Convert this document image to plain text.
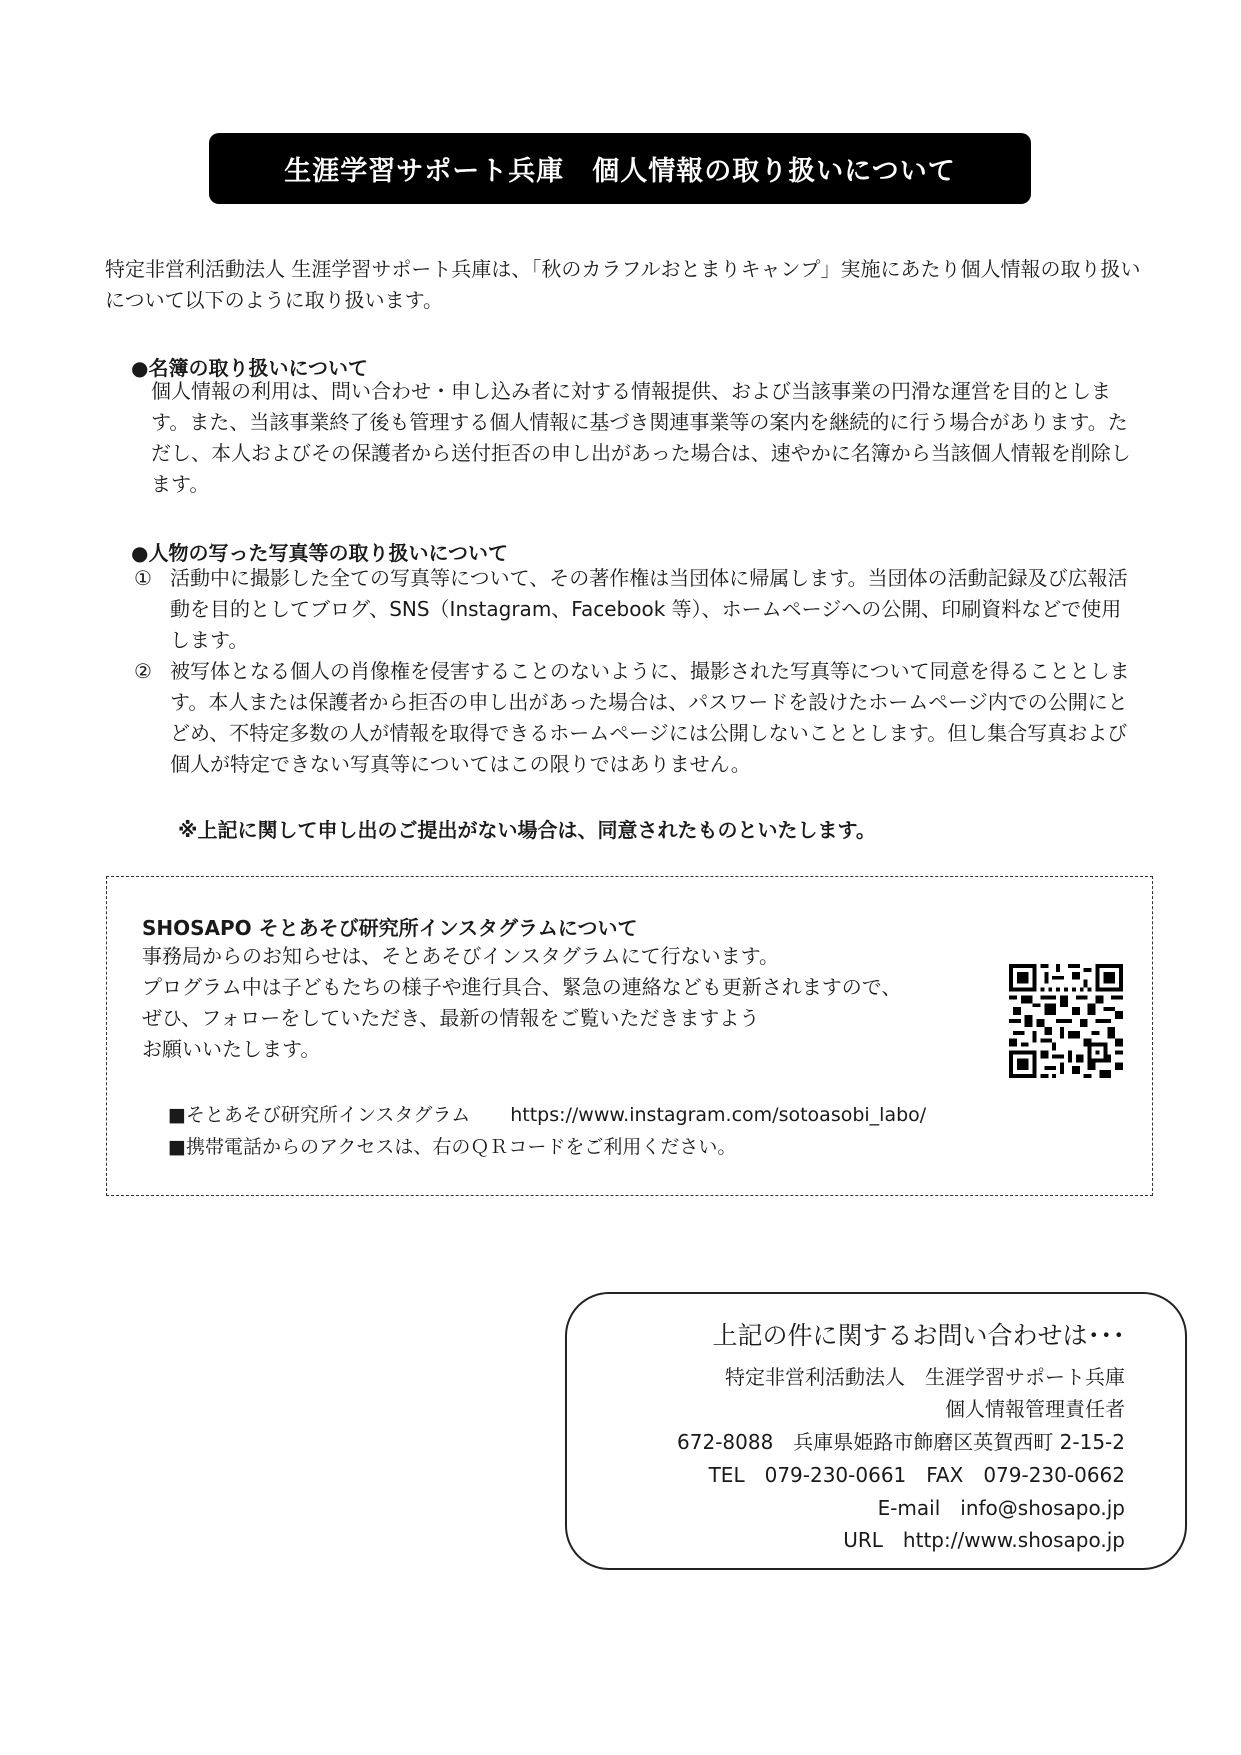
生涯学習サポート兵庫　個人情報の取り扱いについて

特定非営利活動法人 生涯学習サポート兵庫は、「秋のカラフルおとまりキャンプ」実施にあたり個人情報の取り扱いについて以下のように取り扱います。

●名簿の取り扱いについて

個人情報の利用は、問い合わせ・申し込み者に対する情報提供、および当該事業の円滑な運営を目的とします。また、当該事業終了後も管理する個人情報に基づき関連事業等の案内を継続的に行う場合があります。ただし、本人およびその保護者から送付拒否の申し出があった場合は、速やかに名簿から当該個人情報を削除します。

●人物の写った写真等の取り扱いについて

① 活動中に撮影した全ての写真等について、その著作権は当団体に帰属します。当団体の活動記録及び広報活動を目的としてブログ、SNS（Instagram、Facebook 等）、ホームページへの公開、印刷資料などで使用します。
② 被写体となる個人の肖像権を侵害することのないように、撮影された写真等について同意を得ることとします。本人または保護者から拒否の申し出があった場合は、パスワードを設けたホームページ内での公開にとどめ、不特定多数の人が情報を取得できるホームページには公開しないこととします。但し集合写真および個人が特定できない写真等についてはこの限りではありません。

※上記に関して申し出のご提出がない場合は、同意されたものといたします。

SHOSAPO そとあそび研究所インスタグラムについて

事務局からのお知らせは、そとあそびインスタグラムにて行ないます。

プログラム中は子どもたちの様子や進行具合、緊急の連絡なども更新されますので、

ぜひ、フォローをしていただき、最新の情報をご覧いただきますよう

お願いいたします。

■そとあそび研究所インスタグラム https://www.instagram.com/sotoasobi_labo/

■携帯電話からのアクセスは、右のＱＲコードをご利用ください。

上記の件に関するお問い合わせは･･･

特定非営利活動法人　生涯学習サポート兵庫

個人情報管理責任者

672-8088　兵庫県姫路市飾磨区英賀西町 2-15-2

TEL　079-230-0661　FAX　079-230-0662

E-mail　info@shosapo.jp

URL　http://www.shosapo.jp
